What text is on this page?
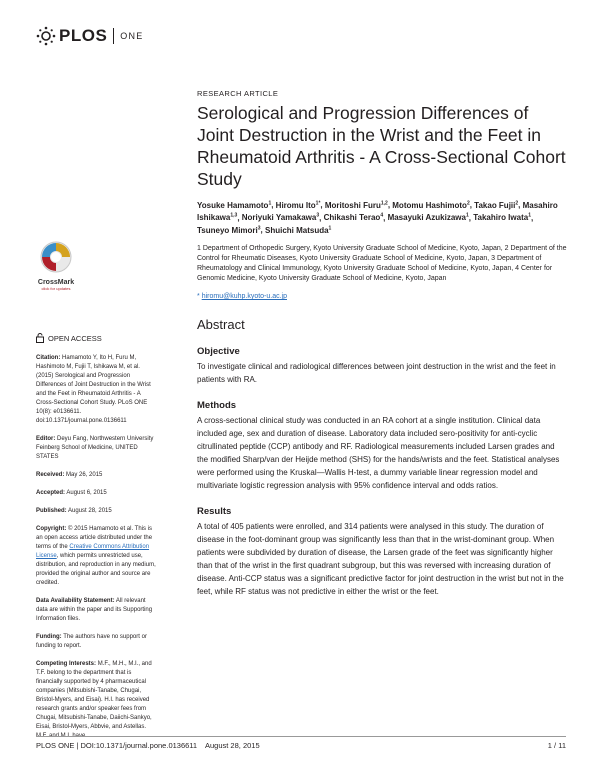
PLOS ONE
CrossMark
click for updates
OPEN ACCESS
Citation: Hamamoto Y, Ito H, Furu M, Hashimoto M, Fujii T, Ishikawa M, et al. (2015) Serological and Progression Differences of Joint Destruction in the Wrist and the Feet in Rheumatoid Arthritis - A Cross-Sectional Cohort Study. PLoS ONE 10(8): e0136611. doi:10.1371/journal.pone.0136611
Editor: Deyu Fang, Northwestern University Feinberg School of Medicine, UNITED STATES
Received: May 26, 2015
Accepted: August 6, 2015
Published: August 28, 2015
Copyright: © 2015 Hamamoto et al. This is an open access article distributed under the terms of the Creative Commons Attribution License, which permits unrestricted use, distribution, and reproduction in any medium, provided the original author and source are credited.
Data Availability Statement: All relevant data are within the paper and its Supporting Information files.
Funding: The authors have no support or funding to report.
Competing Interests: M.F., M.H., M.I., and T.F. belong to the department that is financially supported by 4 pharmaceutical companies (Mitsubishi-Tanabe, Chugai, Bristol-Myers, and Eisai). H.I. has received research grants and/or speaker fees from Chugai, Mitsubishi-Tanabe, Daiichi-Sankyo, Eisai, Bristol-Myers, Abbvie, and Astellas. M.F. and M.I. have
RESEARCH ARTICLE
Serological and Progression Differences of Joint Destruction in the Wrist and the Feet in Rheumatoid Arthritis - A Cross-Sectional Cohort Study
Yosuke Hamamoto$^1$, Hiromu Ito$^{1*}$, Moritoshi Furu$^{1,2}$, Motomu Hashimoto$^2$, Takao Fujii$^2$, Masahiro Ishikawa$^{1,3}$, Noriyuki Yamakawa$^3$, Chikashi Terao$^4$, Masayuki Azukizawa$^1$, Takahiro Iwata$^1$, Tsuneyo Mimori$^3$, Shuichi Matsuda$^1$
1 Department of Orthopedic Surgery, Kyoto University Graduate School of Medicine, Kyoto, Japan, 2 Department of the Control for Rheumatic Diseases, Kyoto University Graduate School of Medicine, Kyoto, Japan, 3 Department of Rheumatology and Clinical Immunology, Kyoto University Graduate School of Medicine, Kyoto, Japan, 4 Center for Genomic Medicine, Kyoto University Graduate School of Medicine, Kyoto, Japan
* hiromu@kuhp.kyoto-u.ac.jp
Abstract
Objective
To investigate clinical and radiological differences between joint destruction in the wrist and the feet in patients with RA.
Methods
A cross-sectional clinical study was conducted in an RA cohort at a single institution. Clinical data included age, sex and duration of disease. Laboratory data included sero-positivity for anti-cyclic citrullinated peptide (CCP) antibody and RF. Radiological measurements included Larsen grades and the modified Sharp/van der Heijde method (SHS) for the hands/wrists and the feet. Statistical analyses were performed using the Kruskal—Wallis H-test, a dummy variable linear regression model and multivariate logistic regression analysis with 95% confidence interval and odds ratios.
Results
A total of 405 patients were enrolled, and 314 patients were analysed in this study. The duration of disease in the foot-dominant group was significantly less than that in the wrist-dominant group. When patients were subdivided by duration of disease, the Larsen grade of the feet was significantly higher than that of the wrist in the first quadrant subgroup, but this was reversed with increasing duration of disease. Anti-CCP status was a significant predictive factor for joint destruction in the wrist but not in the feet, while RF status was not predictive in either the wrist or the feet.
PLOS ONE | DOI:10.1371/journal.pone.0136611    August 28, 2015	1 / 11
